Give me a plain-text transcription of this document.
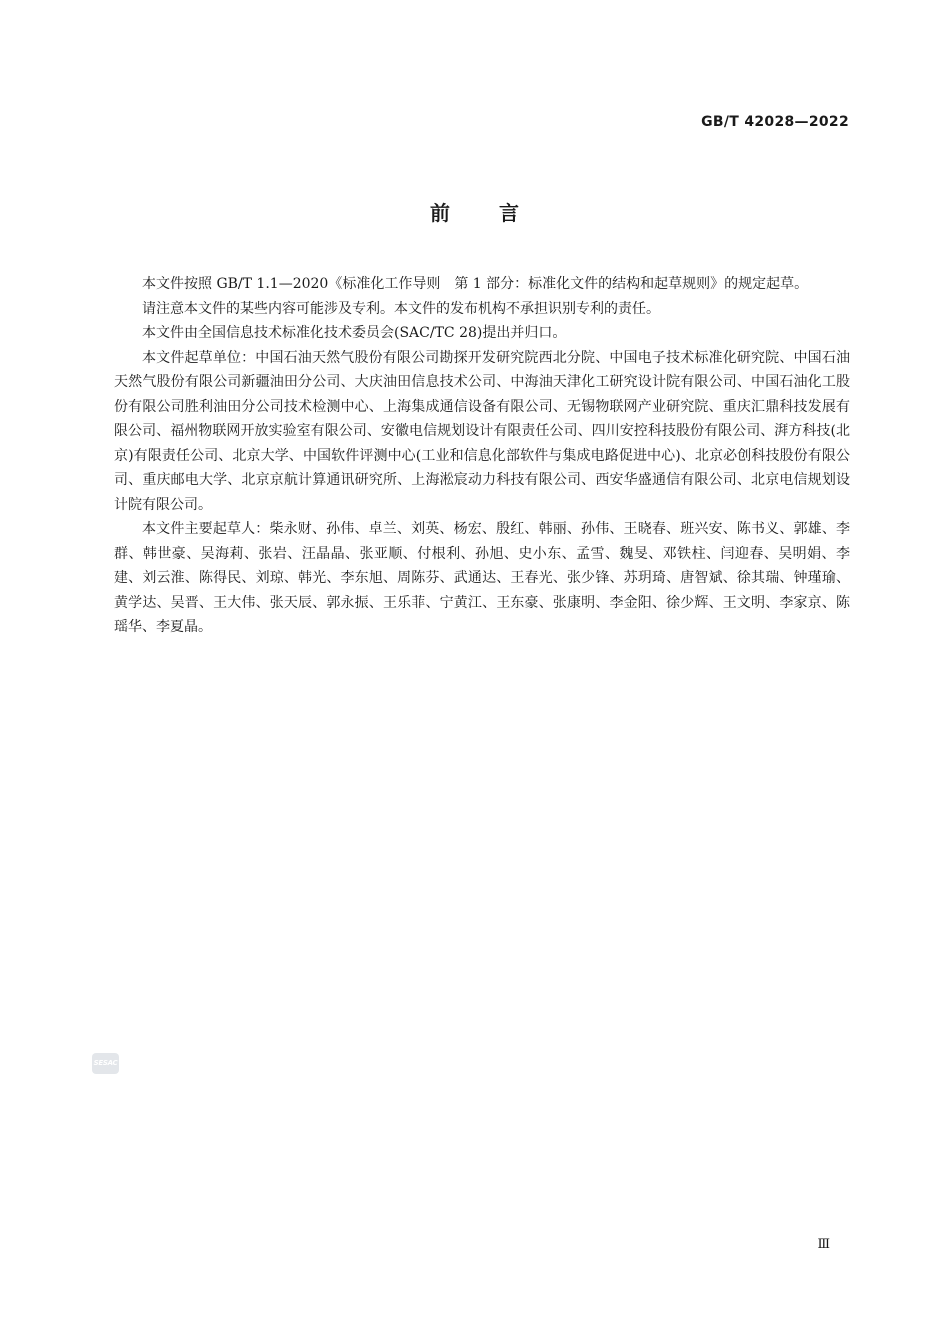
GB/T 42028—2022
前 言

本文件按照 GB/T 1.1—2020《标准化工作导则　第 1 部分：标准化文件的结构和起草规则》的规定起草。

请注意本文件的某些内容可能涉及专利。本文件的发布机构不承担识别专利的责任。

本文件由全国信息技术标准化技术委员会(SAC/TC 28)提出并归口。

本文件起草单位：中国石油天然气股份有限公司勘探开发研究院西北分院、中国电子技术标准化研究院、中国石油天然气股份有限公司新疆油田分公司、大庆油田信息技术公司、中海油天津化工研究设计院有限公司、中国石油化工股份有限公司胜利油田分公司技术检测中心、上海集成通信设备有限公司、无锡物联网产业研究院、重庆汇鼎科技发展有限公司、福州物联网开放实验室有限公司、安徽电信规划设计有限责任公司、四川安控科技股份有限公司、湃方科技(北京)有限责任公司、北京大学、中国软件评测中心(工业和信息化部软件与集成电路促进中心)、北京必创科技股份有限公司、重庆邮电大学、北京京航计算通讯研究所、上海淞宸动力科技有限公司、西安华盛通信有限公司、北京电信规划设计院有限公司。

本文件主要起草人：柴永财、孙伟、卓兰、刘英、杨宏、殷红、韩丽、孙伟、王晓春、班兴安、陈书义、郭雄、李群、韩世豪、吴海莉、张岩、汪晶晶、张亚顺、付根利、孙旭、史小东、孟雪、魏旻、邓铁柱、闫迎春、吴明娟、李建、刘云淮、陈得民、刘琼、韩光、李东旭、周陈芬、武通达、王春光、张少锋、苏玥琦、唐智斌、徐其瑞、钟瑾瑜、黄学达、吴晋、王大伟、张天辰、郭永振、王乐菲、宁黄江、王东豪、张康明、李金阳、徐少辉、王文明、李家京、陈瑶华、李夏晶。

SESAC
Ⅲ
